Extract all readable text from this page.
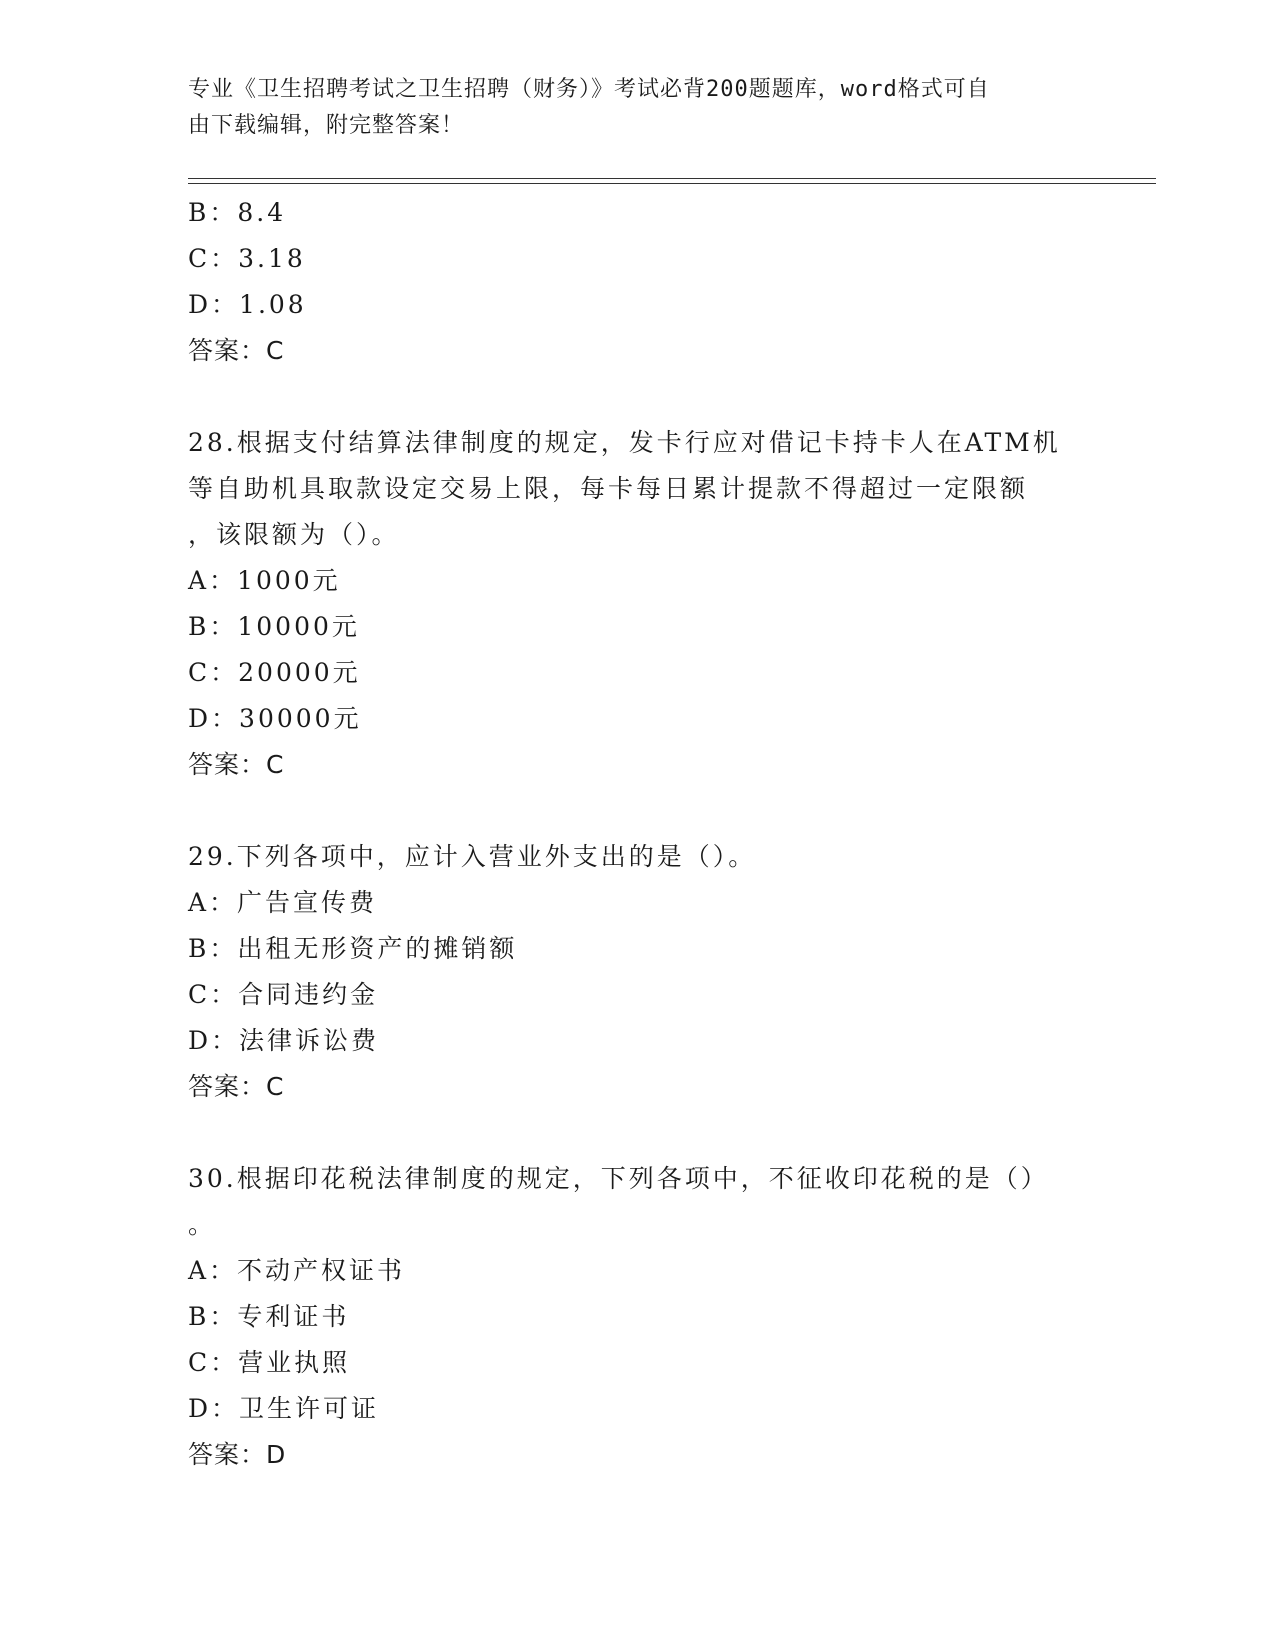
专业《卫生招聘考试之卫生招聘（财务）》考试必背200题题库，word格式可自
由下载编辑，附完整答案！
B：8.4
C：3.18
D：1.08
答案：C
28.根据支付结算法律制度的规定，发卡行应对借记卡持卡人在ATM机
等自助机具取款设定交易上限，每卡每日累计提款不得超过一定限额
，该限额为（）。
A：1000元
B：10000元
C：20000元
D：30000元
答案：C
29.下列各项中，应计入营业外支出的是（）。
A：广告宣传费
B：出租无形资产的摊销额
C：合同违约金
D：法律诉讼费
答案：C
30.根据印花税法律制度的规定，下列各项中，不征收印花税的是（）
。
A：不动产权证书
B：专利证书
C：营业执照
D：卫生许可证
答案：D
